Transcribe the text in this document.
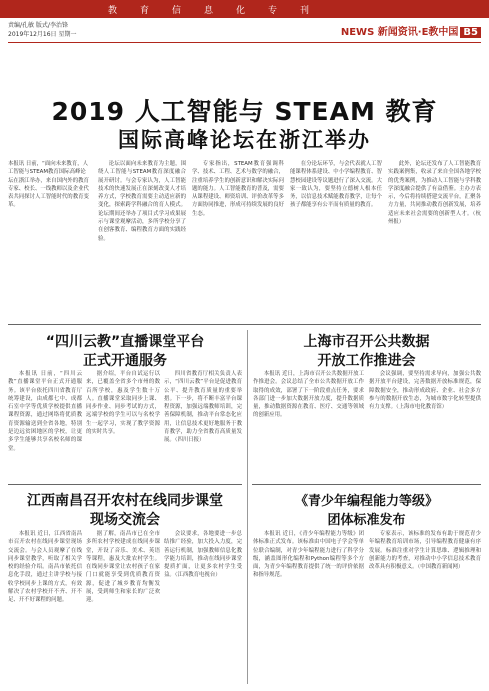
教育信息化专刊
责编/孔敏 版式/李治锋
2019年12月16日 星期一	NEWS 新闻资讯·E教中国 B5
2019 人工智能与 STEAM 教育
国际高峰论坛在浙江举办
本报讯 日前，“面向未来教育，人工智能与STEAM教育国际高峰论坛在浙江举办，来自国内外的教育专家、校长、一线教师以及企业代表共同探讨人工智能时代的教育变革。

论坛以面向未来教育为主题，围绕人工智能与STEAM教育深度融合展开研讨。与会专家认为，人工智能技术的快速发展正在深刻改变人才培养方式，学校教育需要主动适应新的变化，探索跨学科融合的育人模式。论坛期间还举办了项目式学习成果展示与课堂观摩活动，多所学校分享了在创客教育、编程教育方面的实践经验。

专家指出，STEAM教育强调科学、技术、工程、艺术与数学的融合，注重培养学生的创新意识和解决实际问题的能力。人工智能教育的普及，需要从课程建设、师资培训、评价改革等多方面协同推进，形成可持续发展的良好生态。

在分论坛环节，与会代表就人工智能课程体系建设、中小学编程教育、智慧校园建设等议题进行了深入交流。大家一致认为，要坚持立德树人根本任务，以信息技术赋能教育教学，让每个孩子都能享有公平而有质量的教育。

此外，论坛还发布了人工智能教育实践案例集，收录了来自全国各地学校的优秀案例，为推动人工智能与学科教学深度融合提供了有益借鉴。主办方表示，今后将持续搭建交流平台，汇聚各方力量，共同推动教育创新发展，培养适应未来社会需要的创新型人才。（杭州报）

“四川云教”直播课堂平台
正式开通服务

本报讯 日前，“四川云教”直播课堂平台正式开通服务。该平台依托四川省教育厅统筹建设，由成都七中、成都石室中学等优质学校提供直播课程资源，通过网络将优质教育资源输送到全省各地，特别是边远贫困地区的学校，让更多学生能够共享名校名师的课堂。

据介绍，平台自试运行以来，已覆盖全省多个市州的数百所学校，惠及学生数十万人。直播课堂采取同步上课、同步作业、同步考试的方式，远端学校的学生可以与名校学生一起学习，实现了教学资源的实时共享。

四川省教育厅相关负责人表示，“四川云教”平台是促进教育公平、提升教育质量的重要举措。下一步，将不断丰富平台课程资源，加强远端教师培训，完善保障机制，推动平台常态化应用，让信息技术更好地服务于教育教学，助力全省教育高质量发展。（四川日报）

上海市召开公共数据
开放工作推进会

本报讯 近日，上海市召开公共数据开放工作推进会。会议总结了全市公共数据开放工作取得的成效，部署了下一阶段重点任务，要求各部门进一步加大数据开放力度，提升数据质量，推动数据资源在教育、医疗、交通等领域的创新应用。

会议强调，要坚持需求导向，加强公共数据开放平台建设，完善数据开放标准规范，保障数据安全，推动形成政府、企业、社会多方参与的数据开放生态，为城市数字化转型提供有力支撑。（上海市电化教育馆）

江西南昌召开农村在线同步课堂
现场交流会

本报讯 近日，江西省南昌市召开农村在线同步课堂现场交流会。与会人员观摩了在线同步课堂教学，听取了相关学校的经验介绍。南昌市依托信息化手段，通过主讲学校与接收学校同步上课的方式，有效解决了农村学校开不齐、开不足、开不好课程的问题。

据了解，南昌市已在全市多所农村学校建成在线同步课堂，开设了音乐、美术、英语等课程，惠及大批农村学生。在线同步课堂让农村孩子在家门口就能享受到优质教育资源，促进了城乡教育均衡发展，受到师生和家长的广泛欢迎。

会议要求，各地要进一步总结推广经验，加大投入力度，完善运行机制，加强教师信息化教学能力培训，推动在线同步课堂提质扩面，让更多农村学生受益。（江西教育电视台）

《青少年编程能力等级》
团体标准发布

本报讯 近日，《青少年编程能力等级》团体标准正式发布。该标准由中国电子学会等单位联合编制，对青少年编程能力进行了科学分级，涵盖图形化编程和Python编程等多个方面，为青少年编程教育提供了统一的评价依据和指导规范。

专家表示，该标准的发布有助于规范青少年编程教育培训市场，引导编程教育健康有序发展。标准注重对学生计算思维、逻辑推理和创新能力的考查，对推动中小学信息技术教育改革具有积极意义。（中国教育新闻网）
